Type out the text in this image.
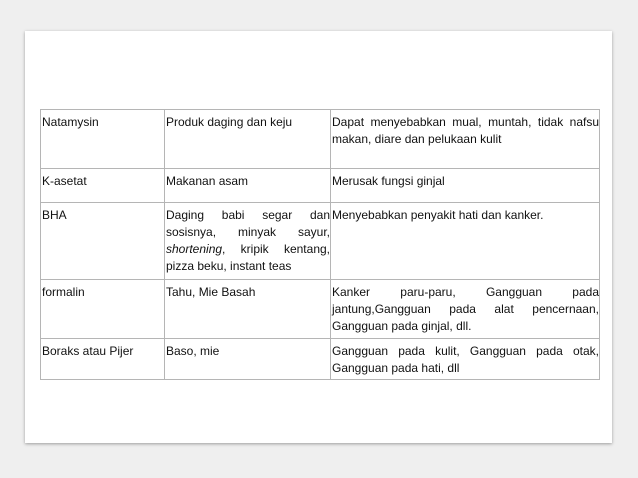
Natamysin	Produk daging dan keju	Dapat menyebabkan mual, muntah, tidak nafsu makan, diare dan pelukaan kulit
K-asetat	Makanan asam	Merusak fungsi ginjal
BHA	Daging babi segar dan sosisnya, minyak sayur, shortening, kripik kentang, pizza beku, instant teas	Menyebabkan penyakit hati dan kanker.
formalin	Tahu, Mie Basah	Kanker paru-paru, Gangguan pada jantung,Gangguan pada alat pencernaan, Gangguan pada ginjal, dll.
Boraks atau Pijer	Baso, mie	Gangguan pada kulit, Gangguan pada otak, Gangguan pada hati, dll
